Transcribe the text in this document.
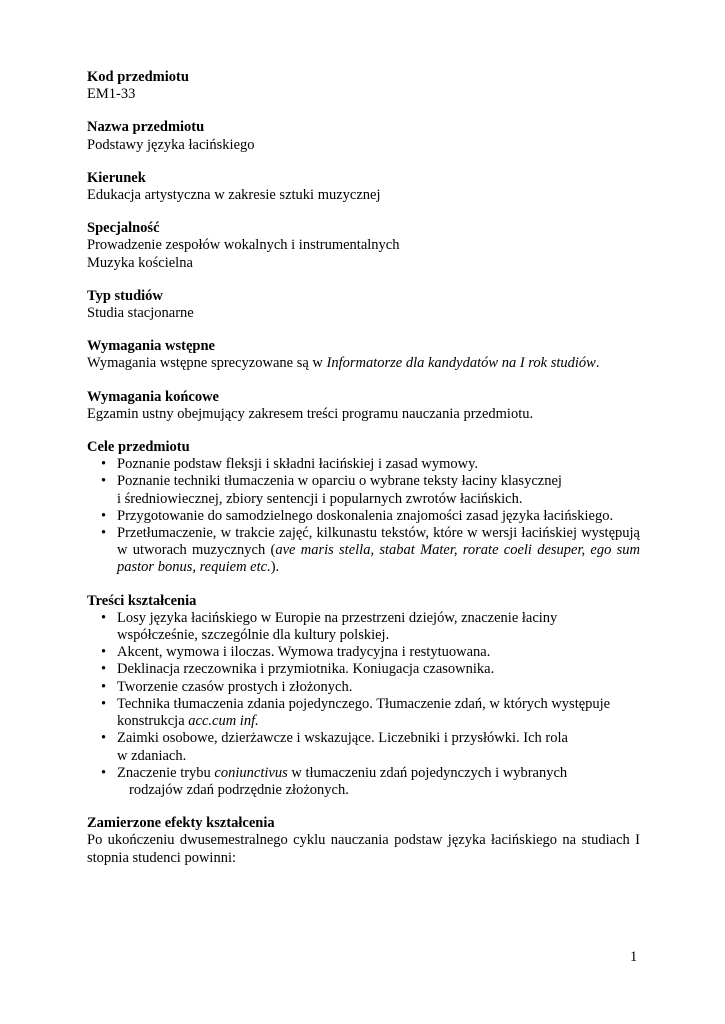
Kod przedmiotu
EM1-33
Nazwa przedmiotu
Podstawy języka łacińskiego
Kierunek
Edukacja artystyczna w zakresie sztuki muzycznej
Specjalność
Prowadzenie zespołów wokalnych i instrumentalnych
Muzyka kościelna
Typ studiów
Studia stacjonarne
Wymagania wstępne
Wymagania wstępne sprecyzowane są w Informatorze dla kandydatów na I rok studiów.
Wymagania końcowe
Egzamin ustny obejmujący zakresem treści programu nauczania przedmiotu.
Cele przedmiotu
• Poznanie podstaw fleksji i składni łacińskiej i zasad wymowy.
• Poznanie techniki tłumaczenia w oparciu o wybrane teksty łaciny klasycznej
i średniowiecznej, zbiory sentencji i popularnych zwrotów łacińskich.
• Przygotowanie do samodzielnego doskonalenia znajomości zasad języka łacińskiego.
• Przetłumaczenie, w trakcie zajęć, kilkunastu tekstów, które w wersji łacińskiej występują w utworach muzycznych (ave maris stella, stabat Mater, rorate coeli desuper, ego sum pastor bonus, requiem etc.).
Treści kształcenia
• Losy języka łacińskiego w Europie na przestrzeni dziejów, znaczenie łaciny
współcześnie, szczególnie dla kultury polskiej.
• Akcent, wymowa i iloczas. Wymowa tradycyjna i restytuowana.
• Deklinacja rzeczownika i przymiotnika. Koniugacja czasownika.
• Tworzenie czasów prostych i złożonych.
• Technika tłumaczenia zdania pojedynczego. Tłumaczenie zdań, w których występuje
konstrukcja acc.cum inf.
• Zaimki osobowe, dzierżawcze i wskazujące. Liczebniki i przysłówki. Ich rola
w zdaniach.
• Znaczenie trybu coniunctivus w tłumaczeniu zdań pojedynczych i wybranych
rodzajów zdań podrzędnie złożonych.
Zamierzone efekty kształcenia
Po ukończeniu dwusemestralnego cyklu nauczania podstaw języka łacińskiego na studiach I stopnia studenci powinni:
1
